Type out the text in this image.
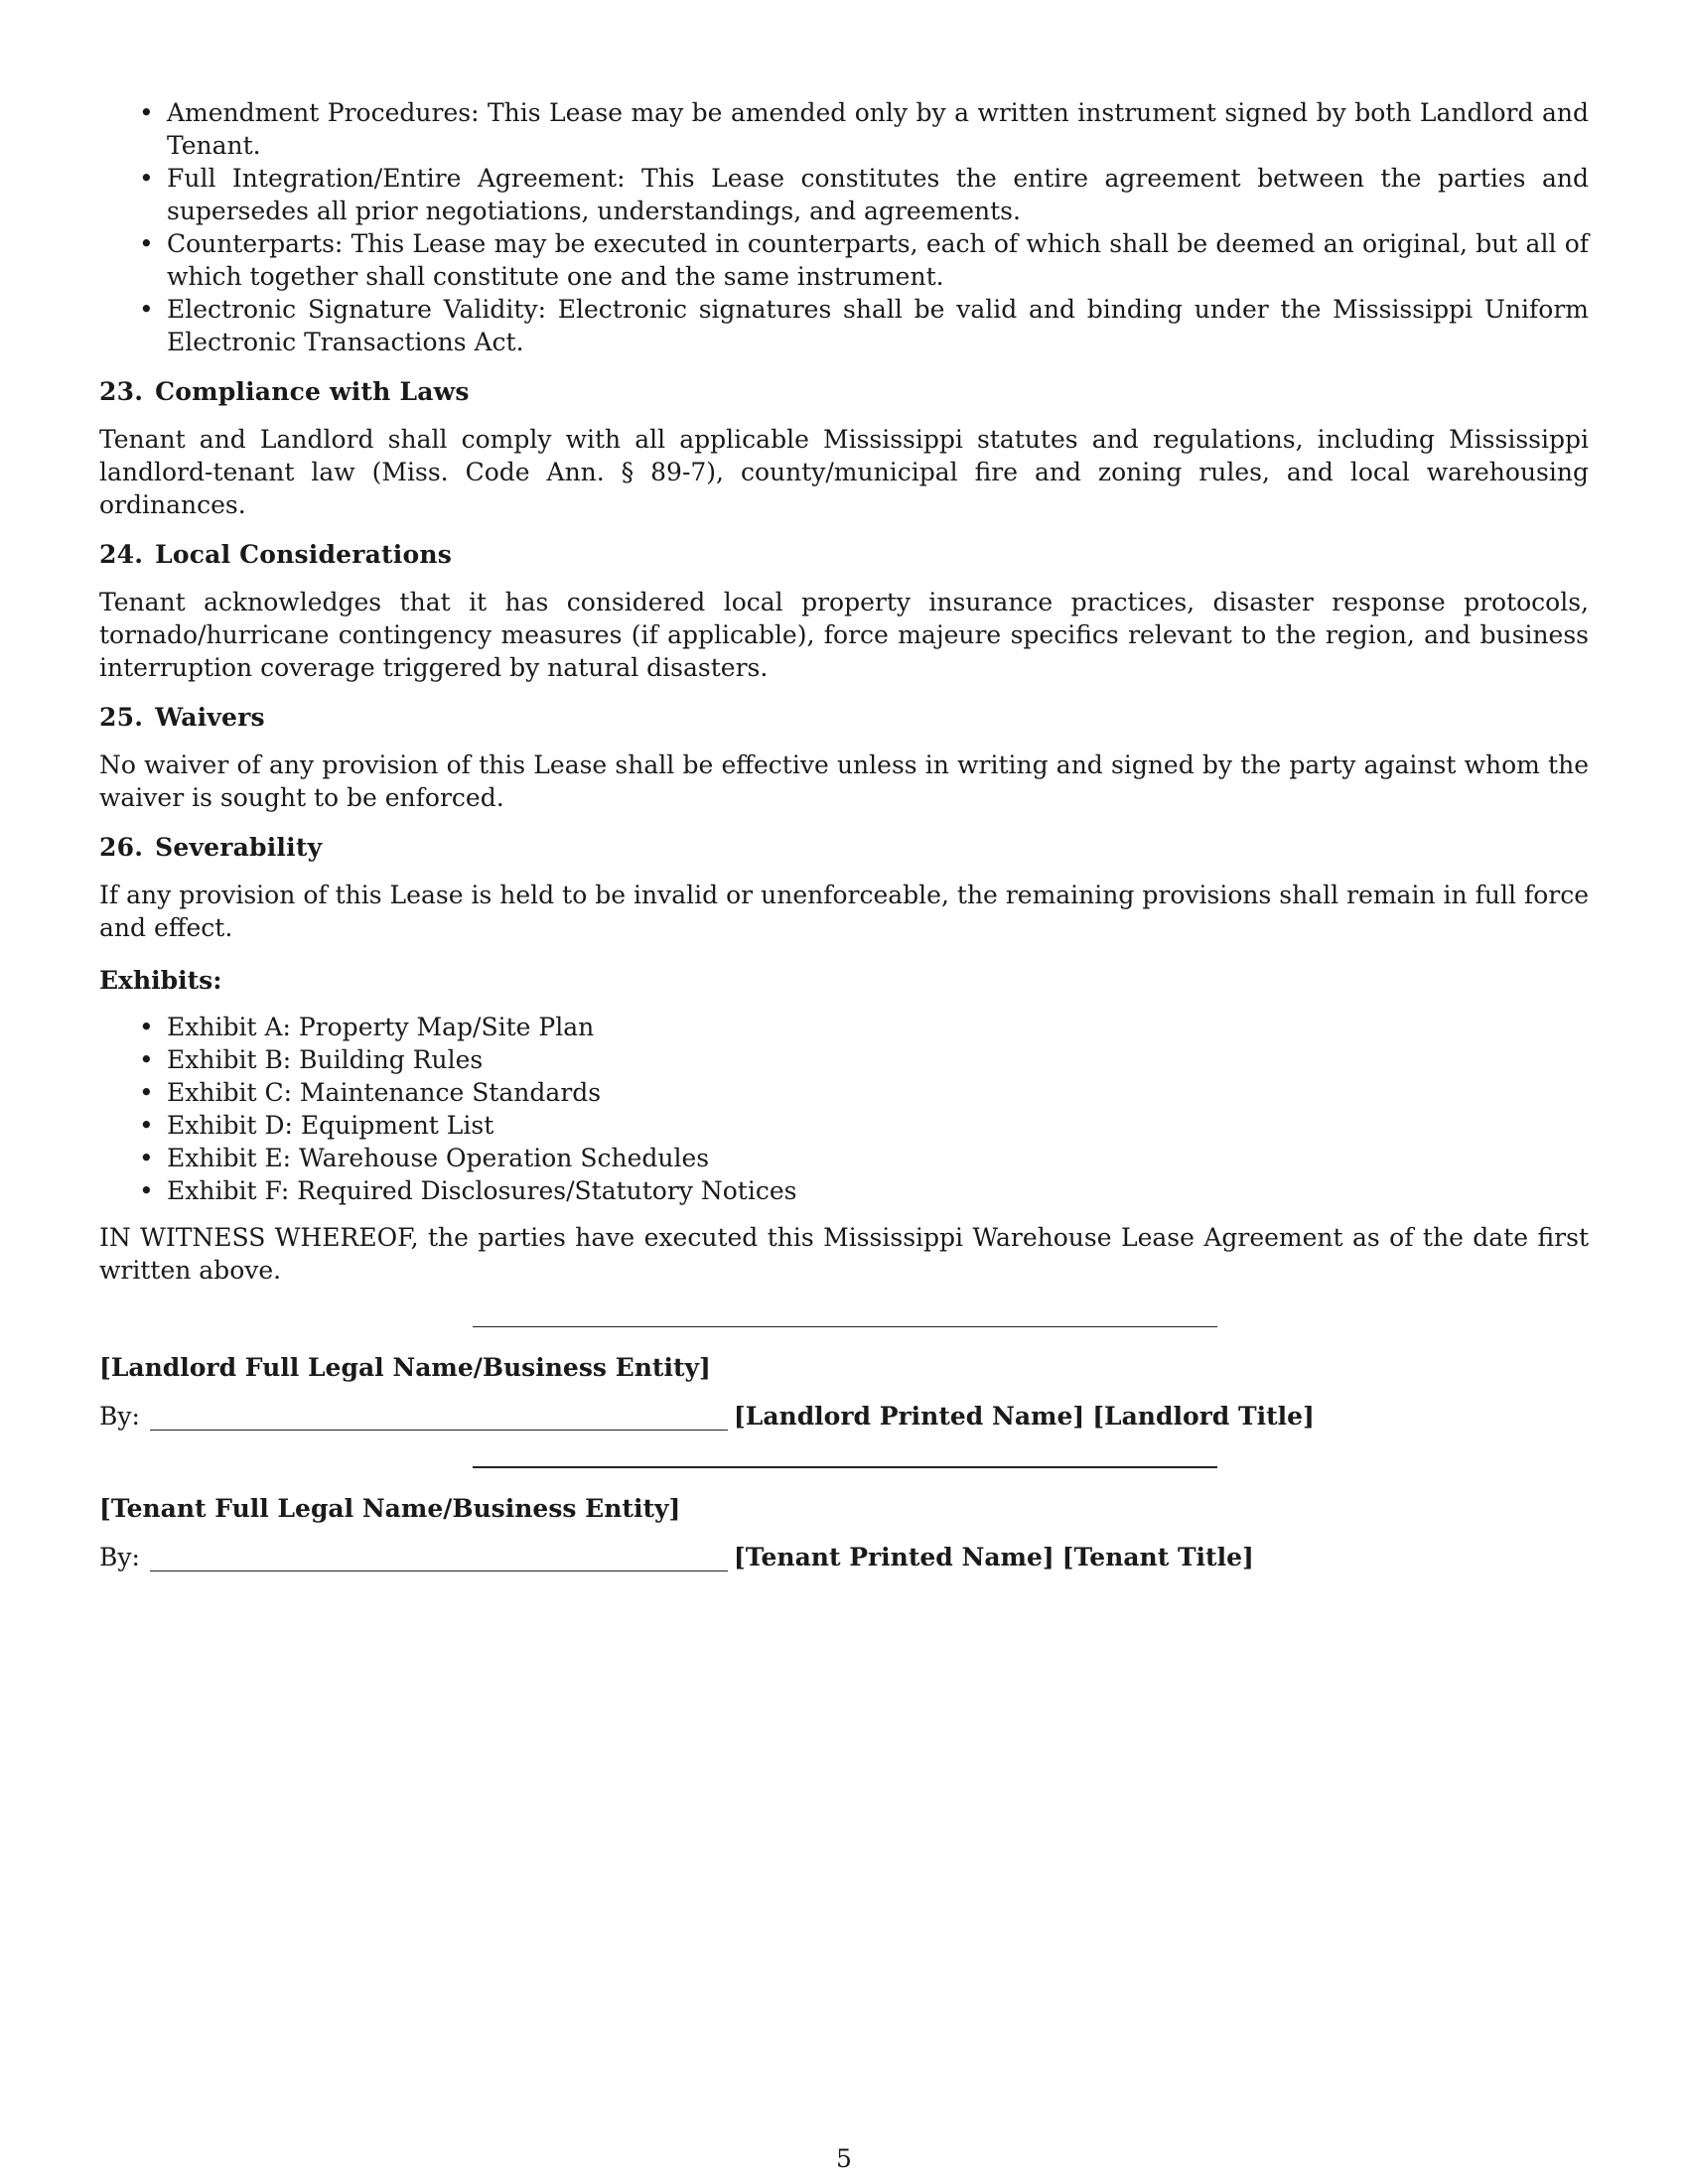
• Amendment Procedures: This Lease may be amended only by a written instrument signed by both Landlord and Tenant.
• Full Integration/Entire Agreement: This Lease constitutes the entire agreement between the parties and supersedes all prior negotiations, understandings, and agreements.
• Counterparts: This Lease may be executed in counterparts, each of which shall be deemed an original, but all of which together shall constitute one and the same instrument.
• Electronic Signature Validity: Electronic signatures shall be valid and binding under the Mississippi Uniform Electronic Transactions Act.
23. Compliance with Laws

Tenant and Landlord shall comply with all applicable Mississippi statutes and regulations, including Mississippi landlord-tenant law (Miss. Code Ann. § 89-7), county/municipal fire and zoning rules, and local warehousing ordinances.

24. Local Considerations

Tenant acknowledges that it has considered local property insurance practices, disaster response protocols, tornado/hurricane contingency measures (if applicable), force majeure specifics relevant to the region, and business interruption coverage triggered by natural disasters.

25. Waivers

No waiver of any provision of this Lease shall be effective unless in writing and signed by the party against whom the waiver is sought to be enforced.

26. Severability

If any provision of this Lease is held to be invalid or unenforceable, the remaining provisions shall remain in full force and effect.

Exhibits:
• Exhibit A: Property Map/Site Plan
• Exhibit B: Building Rules
• Exhibit C: Maintenance Standards
• Exhibit D: Equipment List
• Exhibit E: Warehouse Operation Schedules
• Exhibit F: Required Disclosures/Statutory Notices

IN WITNESS WHEREOF, the parties have executed this Mississippi Warehouse Lease Agreement as of the date first written above.

[Landlord Full Legal Name/Business Entity]
By:	[Landlord Printed Name] [Landlord Title]
[Tenant Full Legal Name/Business Entity]
By:	[Tenant Printed Name] [Tenant Title]
5
